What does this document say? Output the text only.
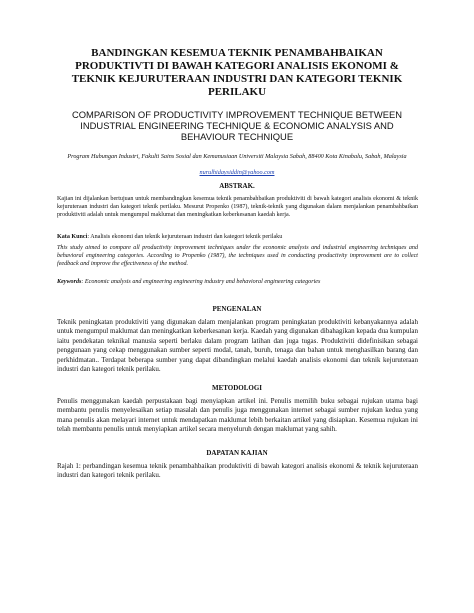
BANDINGKAN KESEMUA TEKNIK PENAMBAHBAIKAN PRODUKTIVTI DI BAWAH KATEGORI ANALISIS EKONOMI & TEKNIK KEJURUTERAAN INDUSTRI DAN KATEGORI TEKNIK PERILAKU
COMPARISON OF PRODUCTIVITY IMPROVEMENT TECHNIQUE BETWEEN INDUSTRIAL ENGINEERING TECHNIQUE & ECONOMIC ANALYSIS AND BEHAVIOUR TECHNIQUE
Program Hubungan Industri, Fakulti Sains Sosial dan Kemanusiaan Universiti Malaysia Sabah, 88400 Kota Kinabalu, Sabah, Malaysia
nurulhidaysiddin@yahoo.com
ABSTRAK.
Kajian ini dijalankan bertujuan untuk membandingkan kesemua teknik penambahbaikan produktiviti di bawah kategori analisis ekonomi & teknik kejuruteraan industri dan kategori teknik perilaku. Mesurut Propenko (1987), teknik-teknik yang digunakan dalam menjalankan penambahbaikan produktiviti adalah untuk mengumpul maklumat dan meningkatkan keberkesanan kaedah kerja.
Kata Kunci: Analisis ekonomi dan teknik kejuruteraan industri dan kategori teknik perilaku
This study aimed to compare all productivity improvement techniques under the economic analysis and industrial engineering techniques and behavioral engineering categories. According to Propenko (1987), the techniques used in conducting productivity improvement are to collect feedback and improve the effectiveness of the method.
Keywords: Economic analysis and engineering engineering industry and behavioral engineering categories
PENGENALAN
Teknik peningkatan produktiviti yang digunakan dalam menjalankan program peningkatan produktiviti kebanyakannya adalah untuk mengumpul maklumat dan meningkatkan keberkesanan kerja. Kaedah yang digunakan dibahagikan kepada dua kumpulan iaitu pendekatan teknikal manusia seperti berlaku dalam program latihan dan juga tugas. Produktiviti didefinisikan sebagai penggunaan yang cekap menggunakan sumber seperti modal, tanah, buruh, tenaga dan bahan untuk menghasilkan barang dan perkhidmatan.. Terdapat beberapa sumber yang dapat dibandingkan melalui kaedah analisis ekonomi dan teknik kejuruteraan industri dan kategori teknik perilaku.
METODOLOGI
Penulis menggunakan kaedah perpustakaan bagi menyiapkan artikel ini. Penulis memilih buku sebagai rujukan utama bagi membantu penulis menyelesaikan setiap masalah dan penulis juga menggunakan internet sebagai sumber rujukan kedua yang mana penulis akan melayari internet untuk mendapatkan maklumat lebih berkaitan artikel yang disiapkan. Kesemua rujukan ini telah membantu penulis untuk menyiapkan artikel secara menyeluruh dengan maklumat yang sahih.
DAPATAN KAJIAN
Rajah 1: perbandingan kesemua teknik penambahbaikan produktiviti di bawah kategori analisis ekonomi & teknik kejuruteraan industri dan kategori teknik perilaku.
